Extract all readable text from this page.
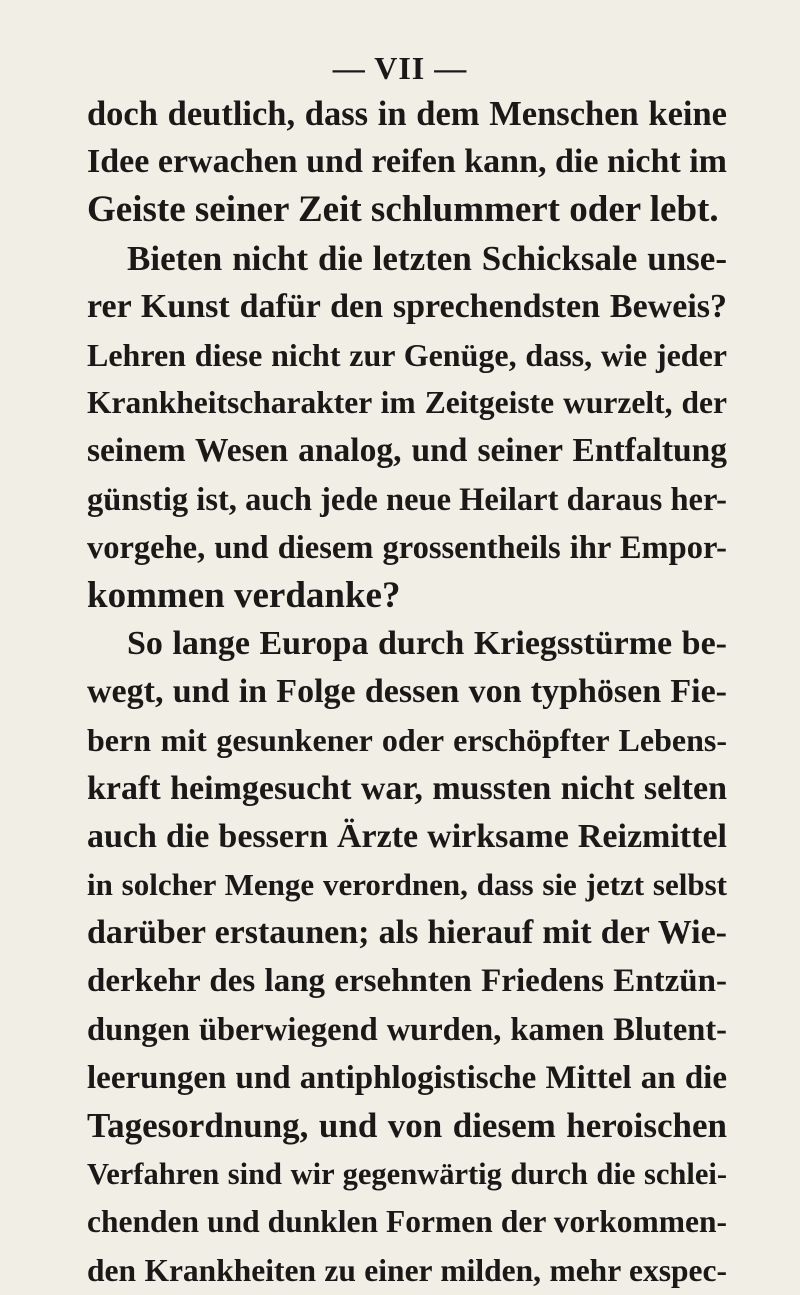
— VII —
doch deutlich, dass in dem Menschen keine
Idee erwachen und reifen kann, die nicht im
Geiste seiner Zeit schlummert oder lebt.
Bieten nicht die letzten Schicksale unse-
rer Kunst dafür den sprechendsten Beweis?
Lehren diese nicht zur Genüge, dass, wie jeder
Krankheitscharakter im Zeitgeiste wurzelt, der
seinem Wesen analog, und seiner Entfaltung
günstig ist, auch jede neue Heilart daraus her-
vorgehe, und diesem grossentheils ihr Empor-
kommen verdanke?
So lange Europa durch Kriegsstürme be-
wegt, und in Folge dessen von typhösen Fie-
bern mit gesunkener oder erschöpfter Lebens-
kraft heimgesucht war, mussten nicht selten
auch die bessern Ärzte wirksame Reizmittel
in solcher Menge verordnen, dass sie jetzt selbst
darüber erstaunen; als hierauf mit der Wie-
derkehr des lang ersehnten Friedens Entzün-
dungen überwiegend wurden, kamen Blutent-
leerungen und antiphlogistische Mittel an die
Tagesordnung, und von diesem heroischen
Verfahren sind wir gegenwärtig durch die schlei-
chenden und dunklen Formen der vorkommen-
den Krankheiten zu einer milden, mehr exspec-
